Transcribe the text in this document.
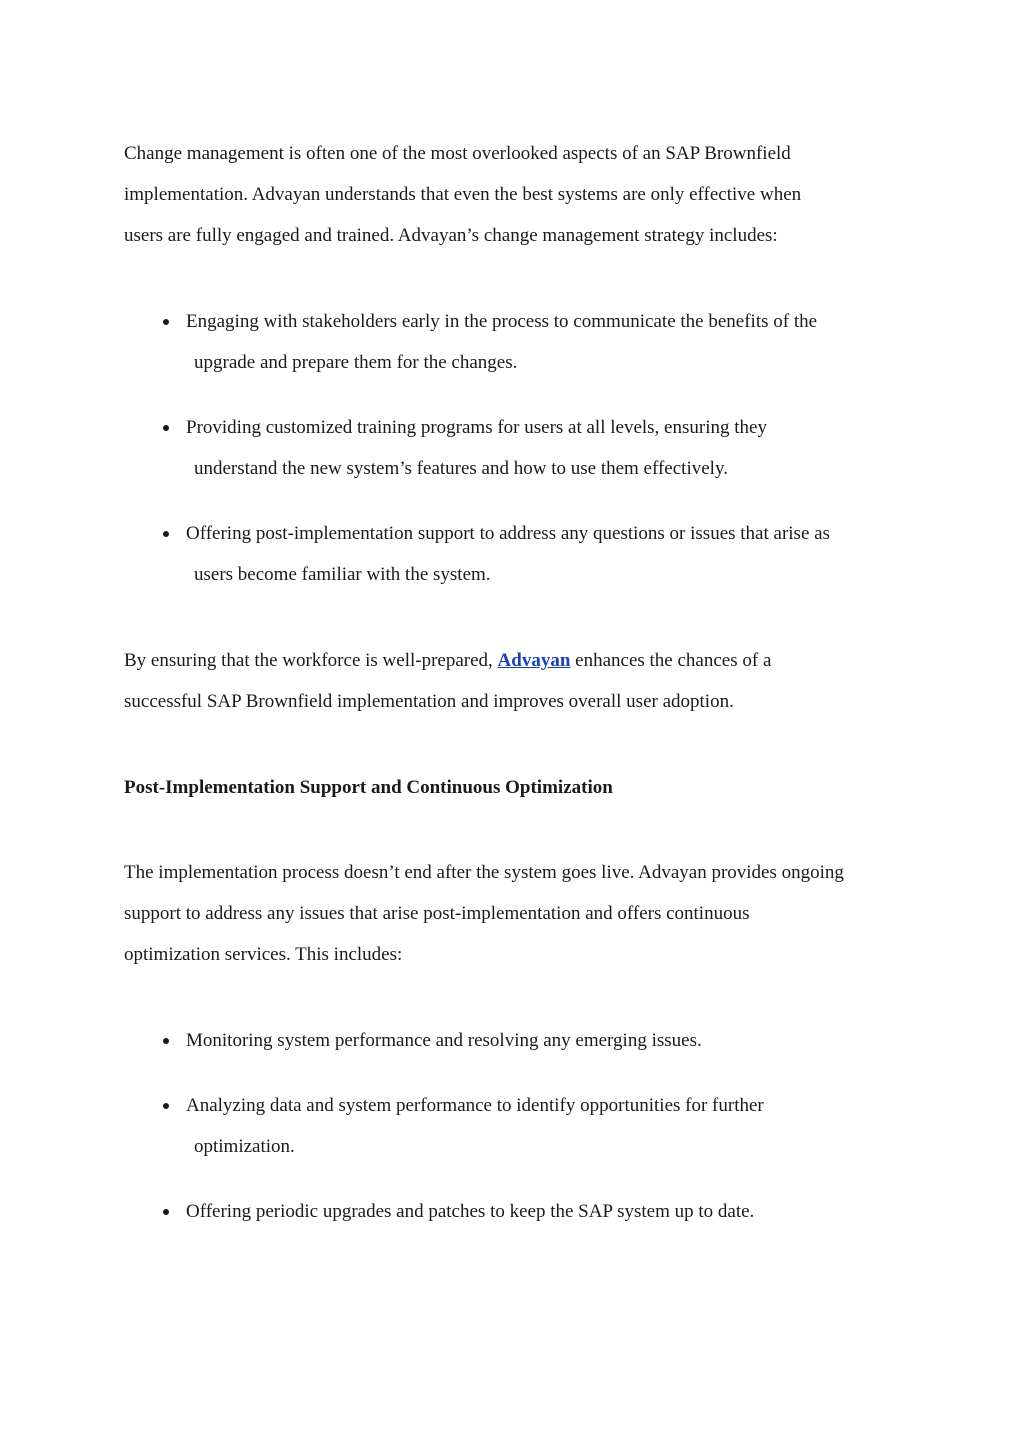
Change management is often one of the most overlooked aspects of an SAP Brownfield
implementation. Advayan understands that even the best systems are only effective when
users are fully engaged and trained. Advayan’s change management strategy includes:

Engaging with stakeholders early in the process to communicate the benefits of the
upgrade and prepare them for the changes.
Providing customized training programs for users at all levels, ensuring they
understand the new system’s features and how to use them effectively.
Offering post-implementation support to address any questions or issues that arise as
users become familiar with the system.

By ensuring that the workforce is well-prepared, Advayan enhances the chances of a
successful SAP Brownfield implementation and improves overall user adoption.

Post-Implementation Support and Continuous Optimization

The implementation process doesn’t end after the system goes live. Advayan provides ongoing
support to address any issues that arise post-implementation and offers continuous
optimization services. This includes:

Monitoring system performance and resolving any emerging issues.
Analyzing data and system performance to identify opportunities for further
optimization.
Offering periodic upgrades and patches to keep the SAP system up to date.
